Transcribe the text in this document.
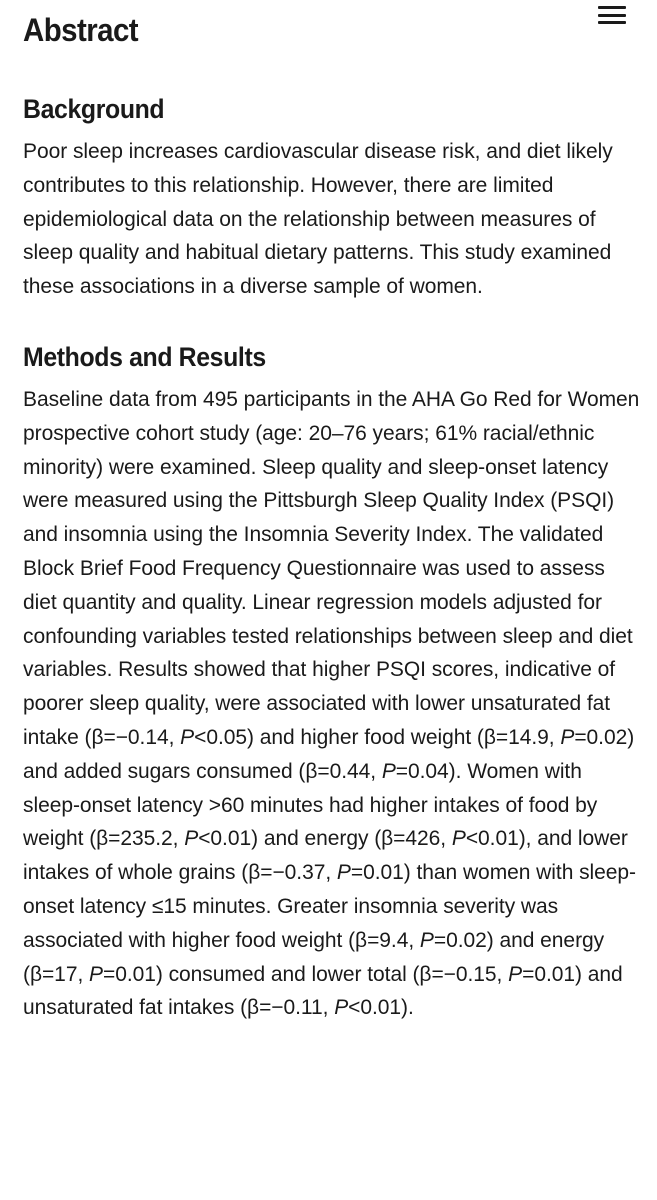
Abstract
Background

Poor sleep increases cardiovascular disease risk, and diet likely contributes to this relationship. However, there are limited epidemiological data on the relationship between measures of sleep quality and habitual dietary patterns. This study examined these associations in a diverse sample of women.

Methods and Results

Baseline data from 495 participants in the AHA Go Red for Women prospective cohort study (age: 20–76 years; 61% racial/ethnic minority) were examined. Sleep quality and sleep‐onset latency were measured using the Pittsburgh Sleep Quality Index (PSQI) and insomnia using the Insomnia Severity Index. The validated Block Brief Food Frequency Questionnaire was used to assess diet quantity and quality. Linear regression models adjusted for confounding variables tested relationships between sleep and diet variables. Results showed that higher PSQI scores, indicative of poorer sleep quality, were associated with lower unsaturated fat intake (β=−0.14, P<0.05) and higher food weight (β=14.9, P=0.02) and added sugars consumed (β=0.44, P=0.04). Women with sleep‐onset latency >60 minutes had higher intakes of food by weight (β=235.2, P<0.01) and energy (β=426, P<0.01), and lower intakes of whole grains (β=−0.37, P=0.01) than women with sleep‐onset latency ≤15 minutes. Greater insomnia severity was associated with higher food weight (β=9.4, P=0.02) and energy (β=17, P=0.01) consumed and lower total (β=−0.15, P=0.01) and unsaturated fat intakes (β=−0.11, P<0.01).
